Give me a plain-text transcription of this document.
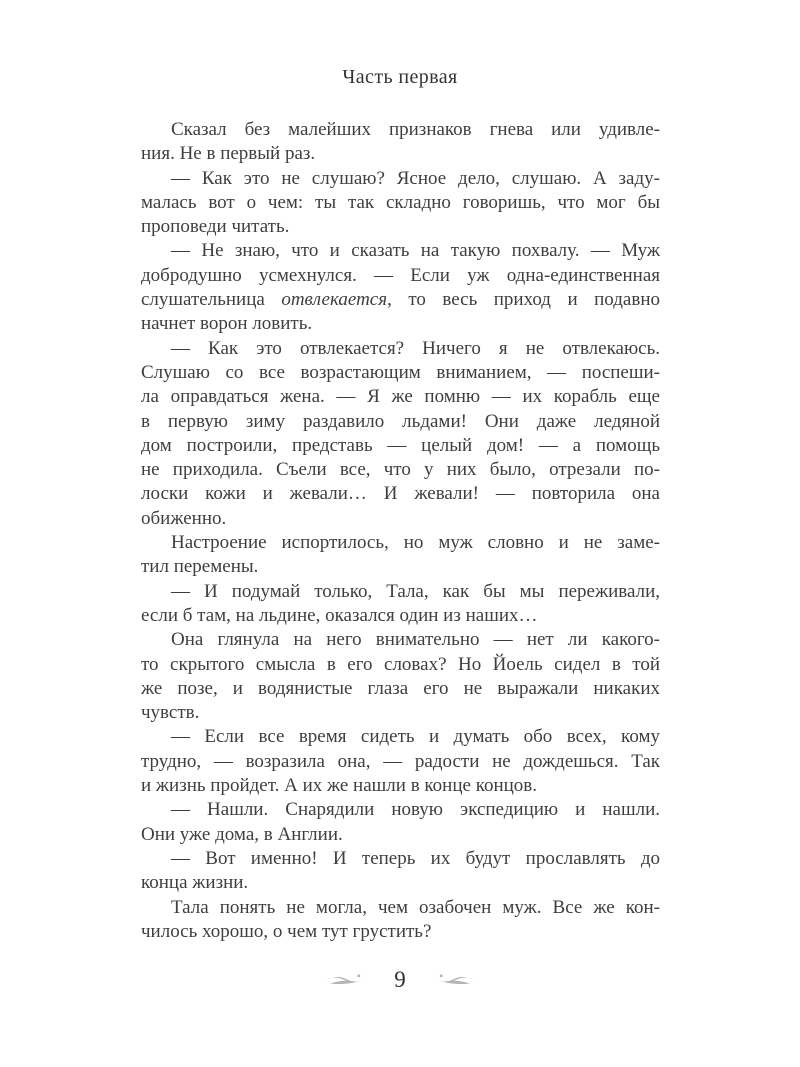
Часть первая
Сказал без малейших признаков гнева или удивле-
ния. Не в первый раз.
— Как это не слушаю? Ясное дело, слушаю. А заду-
малась вот о чем: ты так складно говоришь, что мог бы
проповеди читать.
— Не знаю, что и сказать на такую похвалу. — Муж
добродушно усмехнулся. — Если уж одна-единственная
слушательница отвлекается, то весь приход и подавно
начнет ворон ловить.
— Как это отвлекается? Ничего я не отвлекаюсь.
Слушаю со все возрастающим вниманием, — поспеши-
ла оправдаться жена. — Я же помню — их корабль еще
в первую зиму раздавило льдами! Они даже ледяной
дом построили, представь — целый дом! — а помощь
не приходила. Съели все, что у них было, отрезали по-
лоски кожи и жевали… И жевали! — повторила она
обиженно.
Настроение испортилось, но муж словно и не заме-
тил перемены.
— И подумай только, Тала, как бы мы переживали,
если б там, на льдине, оказался один из наших…
Она глянула на него внимательно — нет ли какого-
то скрытого смысла в его словах? Но Йоель сидел в той
же позе, и водянистые глаза его не выражали никаких
чувств.
— Если все время сидеть и думать обо всех, кому
трудно, — возразила она, — радости не дождешься. Так
и жизнь пройдет. А их же нашли в конце концов.
— Нашли. Снарядили новую экспедицию и нашли.
Они уже дома, в Англии.
— Вот именно! И теперь их будут прославлять до
конца жизни.
Тала понять не могла, чем озабочен муж. Все же кон-
чилось хорошо, о чем тут грустить?
9
